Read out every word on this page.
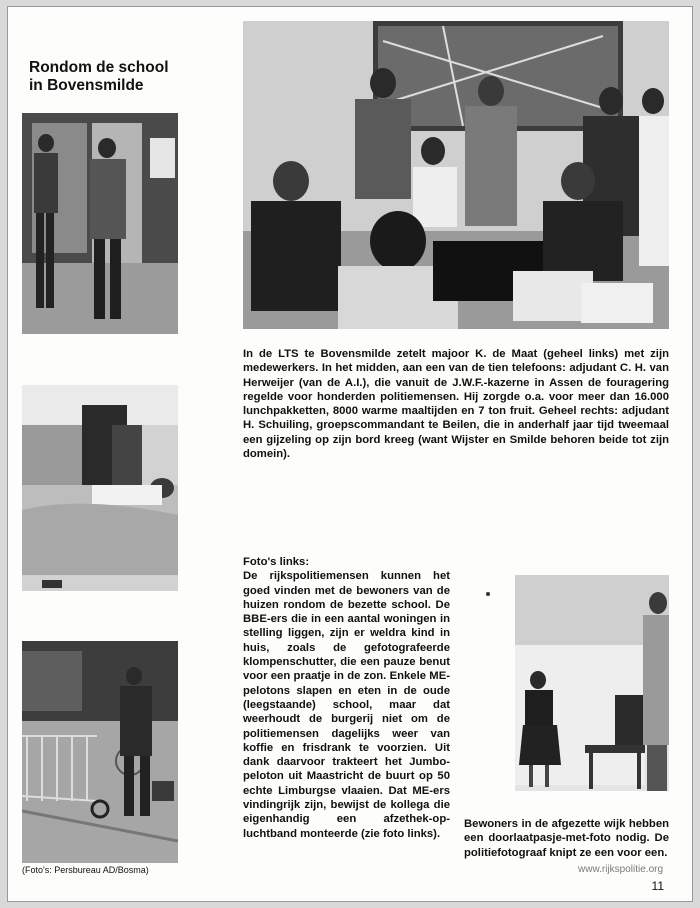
Rondom de school
in Bovensmilde
In de LTS te Bovensmilde zetelt majoor K. de Maat (geheel links) met zijn medewerkers. In het midden, aan een van de tien telefoons: adjudant C. H. van Herweijer (van de A.I.), die vanuit de J.W.F.-kazerne in Assen de fouragering regelde voor honderden politiemensen. Hij zorgde o.a. voor meer dan 16.000 lunchpakketten, 8000 warme maaltijden en 7 ton fruit. Geheel rechts: adjudant H. Schuiling, groepscommandant te Beilen, die in anderhalf jaar tijd tweemaal een gijzeling op zijn bord kreeg (want Wijster en Smilde behoren beide tot zijn domein).
Foto's links:
De rijkspolitiemensen kunnen het goed vinden met de bewoners van de huizen rondom de bezette school. De BBE-ers die in een aantal woningen in stelling liggen, zijn er weldra kind in huis, zoals de gefotografeerde klompenschutter, die een pauze benut voor een praatje in de zon. Enkele ME-pelotons slapen en eten in de oude (leegstaande) school, maar dat weerhoudt de burgerij niet om de politiemensen dagelijks weer van koffie en frisdrank te voorzien. Uit dank daarvoor trakteert het Jumbo-peloton uit Maastricht de buurt op 50 echte Limburgse vlaaien. Dat ME-ers vindingrijk zijn, bewijst de kollega die eigenhandig een afzethek-op-luchtband monteerde (zie foto links).
Bewoners in de afgezette wijk hebben een doorlaatpasje-met-foto nodig. De politiefotograaf knipt ze een voor een.
(Foto's: Persbureau AD/Bosma)	www.rijkspolitie.org
11
